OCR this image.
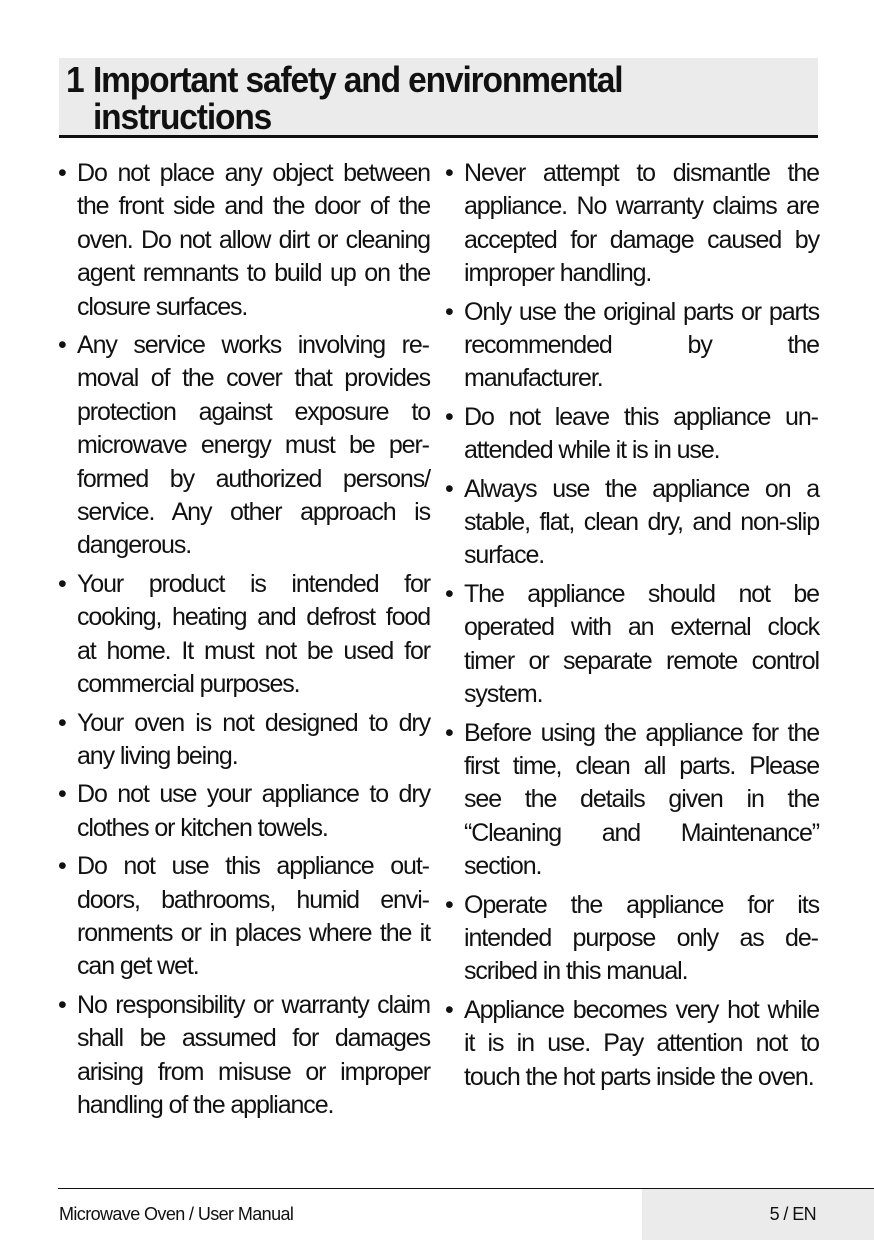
1 Important safety and environmental instructions
• Do not place any object between the front side and the door of the oven. Do not allow dirt or cleaning agent remnants to build up on the closure surfaces.
• Any service works involving removal of the cover that provides protection against exposure to microwave energy must be performed by authorized persons/ service. Any other approach is dangerous.
• Your product is intended for cooking, heating and defrost food at home. It must not be used for commercial purposes.
• Your oven is not designed to dry any living being.
• Do not use your appliance to dry clothes or kitchen towels.
• Do not use this appliance outdoors, bathrooms, humid environments or in places where the it can get wet.
• No responsibility or warranty claim shall be assumed for damages arising from misuse or improper handling of the appliance.
• Never attempt to dismantle the appliance. No warranty claims are accepted for damage caused by improper handling.
• Only use the original parts or parts recommended by the manufacturer.
• Do not leave this appliance unattended while it is in use.
• Always use the appliance on a stable, flat, clean dry, and non-slip surface.
• The appliance should not be operated with an external clock timer or separate remote control system.
• Before using the appliance for the first time, clean all parts. Please see the details given in the “Cleaning and Maintenance” section.
• Operate the appliance for its intended purpose only as described in this manual.
• Appliance becomes very hot while it is in use. Pay attention not to touch the hot parts inside the oven.
Microwave Oven / User Manual	5 / EN
